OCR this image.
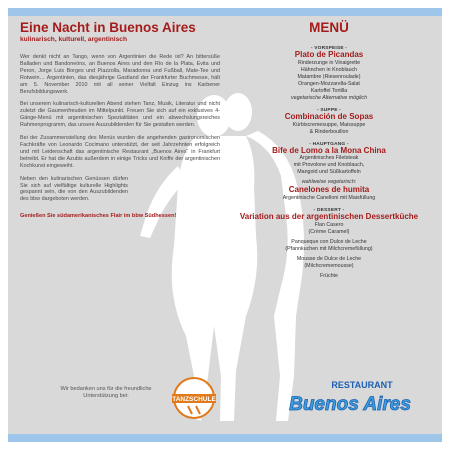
Eine Nacht in Buenos Aires
kulinarisch, kulturell, argentinisch

Wer denkt nicht an Tango, wenn von Argentinien die Rede ist? An bittersüße Balladen und Bandoneóns, an Buenos Aires und den Río de la Plata, Evita und Peron, Jorge Luis Borges und Piazzolla, Maradonna und Fußball, Mate-Tee und Rotwein… Argentinien, das diesjährige Gastland der Frankfurter Buchmesse, hält am 5. November 2010 mit all seiner Vielfalt Einzug ins Karbener Berufsbildungswerk.

Bei unserem kulinarisch-kulturellen Abend stehen Tanz, Musik, Literatur und nicht zuletzt die Gaumenfreuden im Mittelpunkt. Freuen Sie sich auf ein exklusives 4-Gänge-Menü mit argentinischen Spezialitäten und ein abwechslungsreiches Rahmenprogramm, das unsere Auszubildenden für Sie gestalten werden.

Bei der Zusammenstellung des Menüs wurden die angehenden gastronomischen Fachkräfte von Leonardo Cocimano unterstützt, der seit Jahrzehnten erfolgreich und mit Leidenschaft das argentinische Restaurant „Buenos Aires“ in Frankfurt betreibt. Er hat die Azubis außerdem in einige Tricks und Kniffe der argentinischen Kochkunst eingeweiht.

Neben den kulinarischen Genüssen dürfen Sie sich auf vielfältige kulturelle Highlights gespannt sein, die von den Auszubildenden des bbw dargeboten werden.

Genießen Sie südamerikanisches Flair im bbw Südhessen!
MENÜ
- VORSPEISE -
Plato de Picandas
Rinderzunge in Vinaigrette
Hähnchen in Knoblauch
Matambre (Riesenroulade)
Orangen-Mozzarella-Salat
Kartoffel Tortilla
vegetarische Alternative möglich
- SUPPE -
Combinación de Sopas
Kürbiscremesuppe, Maissuppe
& Rinderbouillon
- HAUPTGANG -
Bife de Lomo a la Mona China
Argentinisches Filetsteak
mit Provolone und Knoblauch,
Mangold und Süßkartoffeln
wahlweise vegetarisch:
Canelones de humita
Argentinische Canelloni mit Maisfüllung
- DESSERT -
Variation aus der argentinischen Dessertküche
Flan Casero
(Crème Caramel)
Panqueque con Dulce de Leche
(Pfannkuchen mit Milchcremefüllung)
Mousse de Dulce de Leche
(Milchcrememousse)
Früchte
Wir bedanken uns für die freundliche Unterstützung bei:	TANZSCHULE
RESTAURANT
Buenos Aires
